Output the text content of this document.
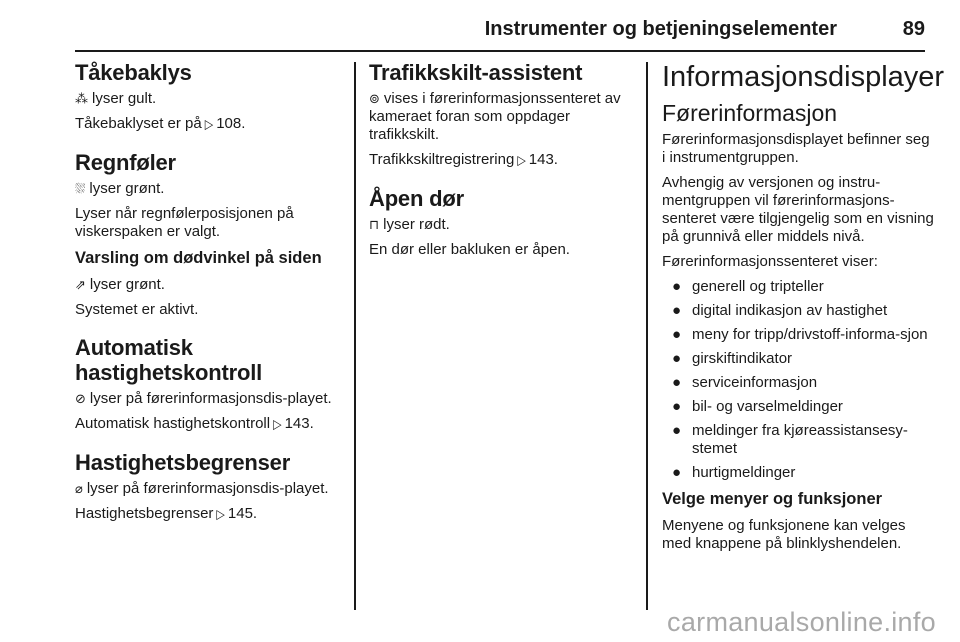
Instrumenter og betjeningselementer	89
Tåkebaklys

⁂ lyser gult.

Tåkebaklyset er på ▷ 108.

Regnføler

⛆ lyser grønt.

Lyser når regnfølerposisjonen på viskerspaken er valgt.

Varsling om dødvinkel på siden

⇗ lyser grønt.

Systemet er aktivt.

Automatisk hastighetskontroll

⊘ lyser på førerinformasjonsdis-playet.

Automatisk hastighetskontroll ▷ 143.

Hastighetsbegrenser

⌀ lyser på førerinformasjonsdis-playet.

Hastighetsbegrenser ▷ 145.

Trafikkskilt-assistent

⊚ vises i førerinformasjonssenteret av kameraet foran som oppdager trafikkskilt.

Trafikkskiltregistrering ▷ 143.

Åpen dør

⊓ lyser rødt.

En dør eller bakluken er åpen.

Informasjonsdisplayer
Førerinformasjon

Førerinformasjonsdisplayet befinner seg i instrumentgruppen.

Avhengig av versjonen og instru-mentgruppen vil førerinformasjons-senteret være tilgjengelig som en visning på grunnivå eller middels nivå.

Førerinformasjonssenteret viser:

● generell og tripteller
● digital indikasjon av hastighet
● meny for tripp/drivstoff-informa-sjon
● girskiftindikator
● serviceinformasjon
● bil- og varselmeldinger
● meldinger fra kjøreassistansesy-stemet
● hurtigmeldinger
Velge menyer og funksjoner

Menyene og funksjonene kan velges med knappene på blinklyshendelen.

carmanualsonline.info
